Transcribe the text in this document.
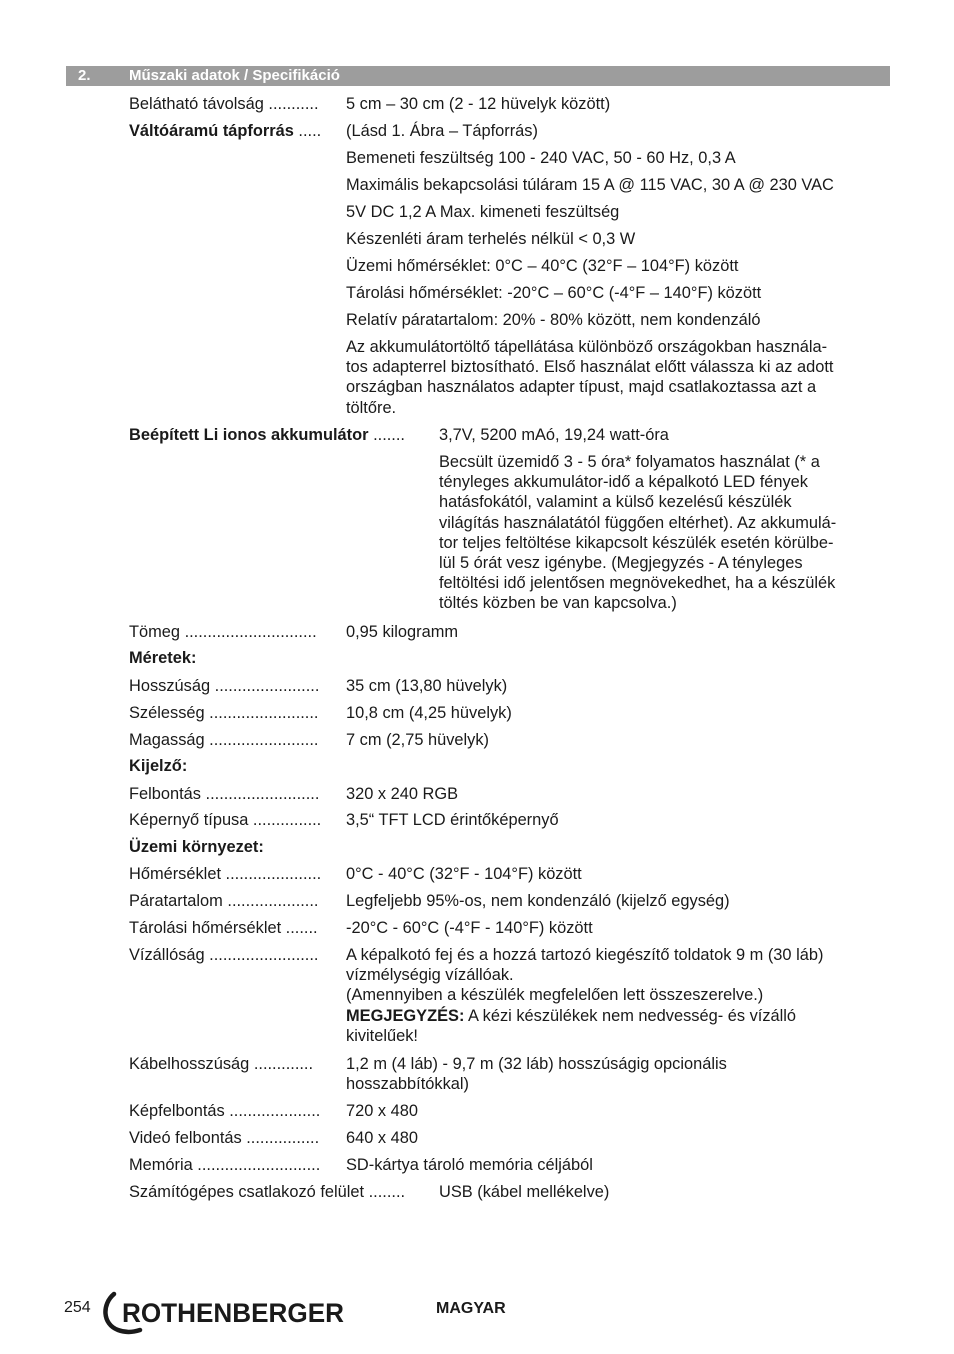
2.	Műszaki adatok / Specifikáció
Belátható távolság ........... 5 cm – 30 cm (2 - 12 hüvelyk között)
Váltóáramú tápforrás ..... (Lásd 1. Ábra – Tápforrás)
Bemeneti feszültség 100 - 240 VAC, 50 - 60 Hz, 0,3 A
Maximális bekapcsolási túláram 15 A @ 115 VAC, 30 A @ 230 VAC
5V DC 1,2 A Max. kimeneti feszültség
Készenléti áram terhelés nélkül < 0,3 W
Üzemi hőmérséklet: 0°C – 40°C (32°F – 104°F) között
Tárolási hőmérséklet: -20°C – 60°C (-4°F – 140°F) között
Relatív páratartalom: 20% - 80% között, nem kondenzáló
Az akkumulátortöltő tápellátása különböző országokban használa-
tos adapterrel biztosítható. Első használat előtt válassza ki az adott
országban használatos adapter típust, majd csatlakoztassa azt a
töltőre.
Beépített Li ionos akkumulátor ....... 3,7V, 5200 mAó, 19,24 watt-óra
Becsült üzemidő 3 - 5 óra* folyamatos használat (* a
tényleges akkumulátor-idő a képalkotó LED fények
hatásfokától, valamint a külső kezelésű készülék
világítás használatától függően eltérhet). Az akkumulá-
tor teljes feltöltése kikapcsolt készülék esetén körülbe-
lül 5 órát vesz igénybe. (Megjegyzés - A tényleges
feltöltési idő jelentősen megnövekedhet, ha a készülék
töltés közben be van kapcsolva.)
Tömeg ............................. 0,95 kilogramm
Méretek:
Hosszúság ....................... 35 cm (13,80 hüvelyk)
Szélesség ........................ 10,8 cm (4,25 hüvelyk)
Magasság ........................ 7 cm (2,75 hüvelyk)
Kijelző:
Felbontás ......................... 320 x 240 RGB
Képernyő típusa ............... 3,5“ TFT LCD érintőképernyő
Üzemi környezet:
Hőmérséklet ..................... 0°C - 40°C (32°F - 104°F) között
Páratartalom .................... Legfeljebb 95%-os, nem kondenzáló (kijelző egység)
Tárolási hőmérséklet ....... -20°C - 60°C (-4°F - 140°F) között
Vízállóság ........................ A képalkotó fej és a hozzá tartozó kiegészítő toldatok 9 m (30 láb)
vízmélységig vízállóak.
(Amennyiben a készülék megfelelően lett összeszerelve.)
MEGJEGYZÉS: A kézi készülékek nem nedvesség- és vízálló
kivitelűek!
Kábelhosszúság ............. 1,2 m (4 láb) - 9,7 m (32 láb) hosszúságig opcionális
hosszabbítókkal)
Képfelbontás .................... 720 x 480
Videó felbontás ................ 640 x 480
Memória ........................... SD-kártya tároló memória céljából
Számítógépes csatlakozó felület ........ USB (kábel mellékelve)
254 ROTHENBERGER	MAGYAR
